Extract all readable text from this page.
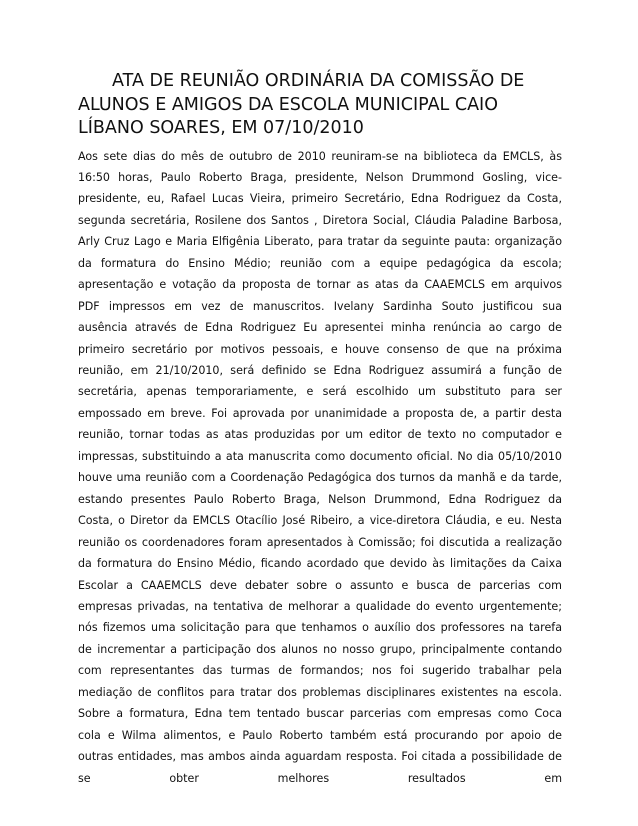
ATA DE REUNIÃO ORDINÁRIA DA COMISSÃO DE ALUNOS E AMIGOS DA ESCOLA MUNICIPAL CAIO LÍBANO SOARES, EM 07/10/2010

Aos sete dias do mês de outubro de 2010 reuniram-se na biblioteca da EMCLS, às 16:50 horas, Paulo Roberto Braga, presidente, Nelson Drummond Gosling, vice-presidente, eu, Rafael Lucas Vieira, primeiro Secretário, Edna Rodriguez da Costa, segunda secretária, Rosilene dos Santos , Diretora Social, Cláudia Paladine Barbosa, Arly Cruz Lago e Maria Elfigênia Liberato, para tratar da seguinte pauta: organização da formatura do Ensino Médio; reunião com a equipe pedagógica da escola; apresentação e votação da proposta de tornar as atas da CAAEMCLS em arquivos PDF impressos em vez de manuscritos. Ivelany Sardinha Souto justificou sua ausência através de Edna Rodriguez Eu apresentei minha renúncia ao cargo de primeiro secretário por motivos pessoais, e houve consenso de que na próxima reunião, em 21/10/2010, será definido se Edna Rodriguez assumirá a função de secretária, apenas temporariamente, e será escolhido um substituto para ser empossado em breve. Foi aprovada por unanimidade a proposta de, a partir desta reunião, tornar todas as atas produzidas por um editor de texto no computador e impressas, substituindo a ata manuscrita como documento oficial. No dia 05/10/2010 houve uma reunião com a Coordenação Pedagógica dos turnos da manhã e da tarde, estando presentes Paulo Roberto Braga, Nelson Drummond, Edna Rodriguez da Costa, o Diretor da EMCLS Otacílio José Ribeiro, a vice-diretora Cláudia, e eu. Nesta reunião os coordenadores foram apresentados à Comissão; foi discutida a realização da formatura do Ensino Médio, ficando acordado que devido às limitações da Caixa Escolar a CAAEMCLS deve debater sobre o assunto e busca de parcerias com empresas privadas, na tentativa de melhorar a qualidade do evento urgentemente; nós fizemos uma solicitação para que tenhamos o auxílio dos professores na tarefa de incrementar a participação dos alunos no nosso grupo, principalmente contando com representantes das turmas de formandos; nos foi sugerido trabalhar pela mediação de conflitos para tratar dos problemas disciplinares existentes na escola. Sobre a formatura, Edna tem tentado buscar parcerias com empresas como Coca cola e Wilma alimentos, e Paulo Roberto também está procurando por apoio de outras entidades, mas ambos ainda aguardam resposta. Foi citada a possibilidade de se obter melhores resultados em
